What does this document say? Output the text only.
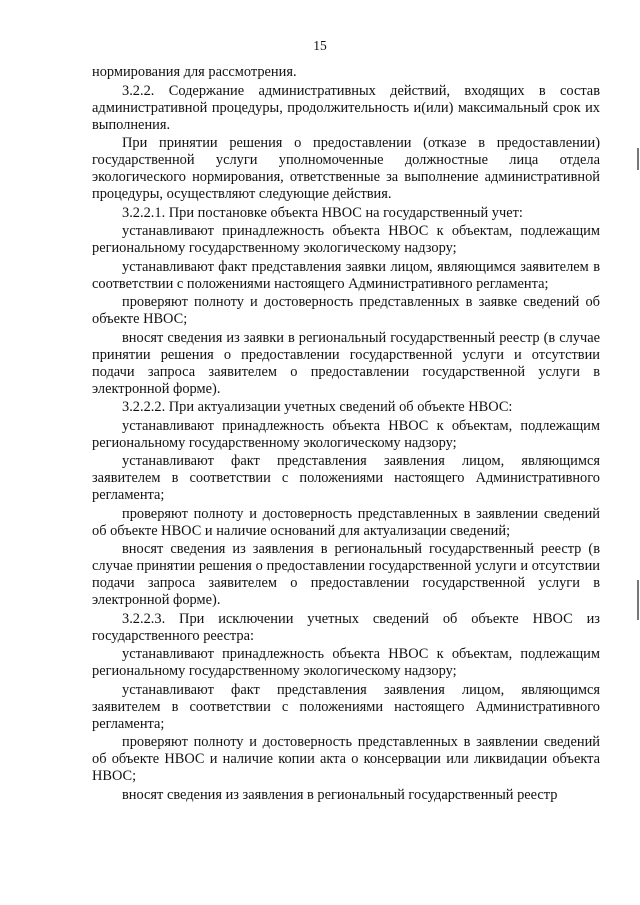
15

нормирования для рассмотрения.

3.2.2. Содержание административных действий, входящих в состав административной процедуры, продолжительность и(или) максимальный срок их выполнения.

При принятии решения о предоставлении (отказе в предоставлении) государственной услуги уполномоченные должностные лица отдела экологического нормирования, ответственные за выполнение административной процедуры, осуществляют следующие действия.

3.2.2.1. При постановке объекта НВОС на государственный учет:

устанавливают принадлежность объекта НВОС к объектам, подлежащим региональному государственному экологическому надзору;

устанавливают факт представления заявки лицом, являющимся заявителем в соответствии с положениями настоящего Административного регламента;

проверяют полноту и достоверность представленных в заявке сведений об объекте НВОС;

вносят сведения из заявки в региональный государственный реестр (в случае принятии решения о предоставлении государственной услуги и отсутствии подачи запроса заявителем о предоставлении государственной услуги в электронной форме).

3.2.2.2. При актуализации учетных сведений об объекте НВОС:

устанавливают принадлежность объекта НВОС к объектам, подлежащим региональному государственному экологическому надзору;

устанавливают факт представления заявления лицом, являющимся заявителем в соответствии с положениями настоящего Административного регламента;

проверяют полноту и достоверность представленных в заявлении сведений об объекте НВОС и наличие оснований для актуализации сведений;

вносят сведения из заявления в региональный государственный реестр (в случае принятии решения о предоставлении государственной услуги и отсутствии подачи запроса заявителем о предоставлении государственной услуги в электронной форме).

3.2.2.3. При исключении учетных сведений об объекте НВОС из государственного реестра:

устанавливают принадлежность объекта НВОС к объектам, подлежащим региональному государственному экологическому надзору;

устанавливают факт представления заявления лицом, являющимся заявителем в соответствии с положениями настоящего Административного регламента;

проверяют полноту и достоверность представленных в заявлении сведений об объекте НВОС и наличие копии акта о консервации или ликвидации объекта НВОС;

вносят сведения из заявления в региональный государственный реестр
